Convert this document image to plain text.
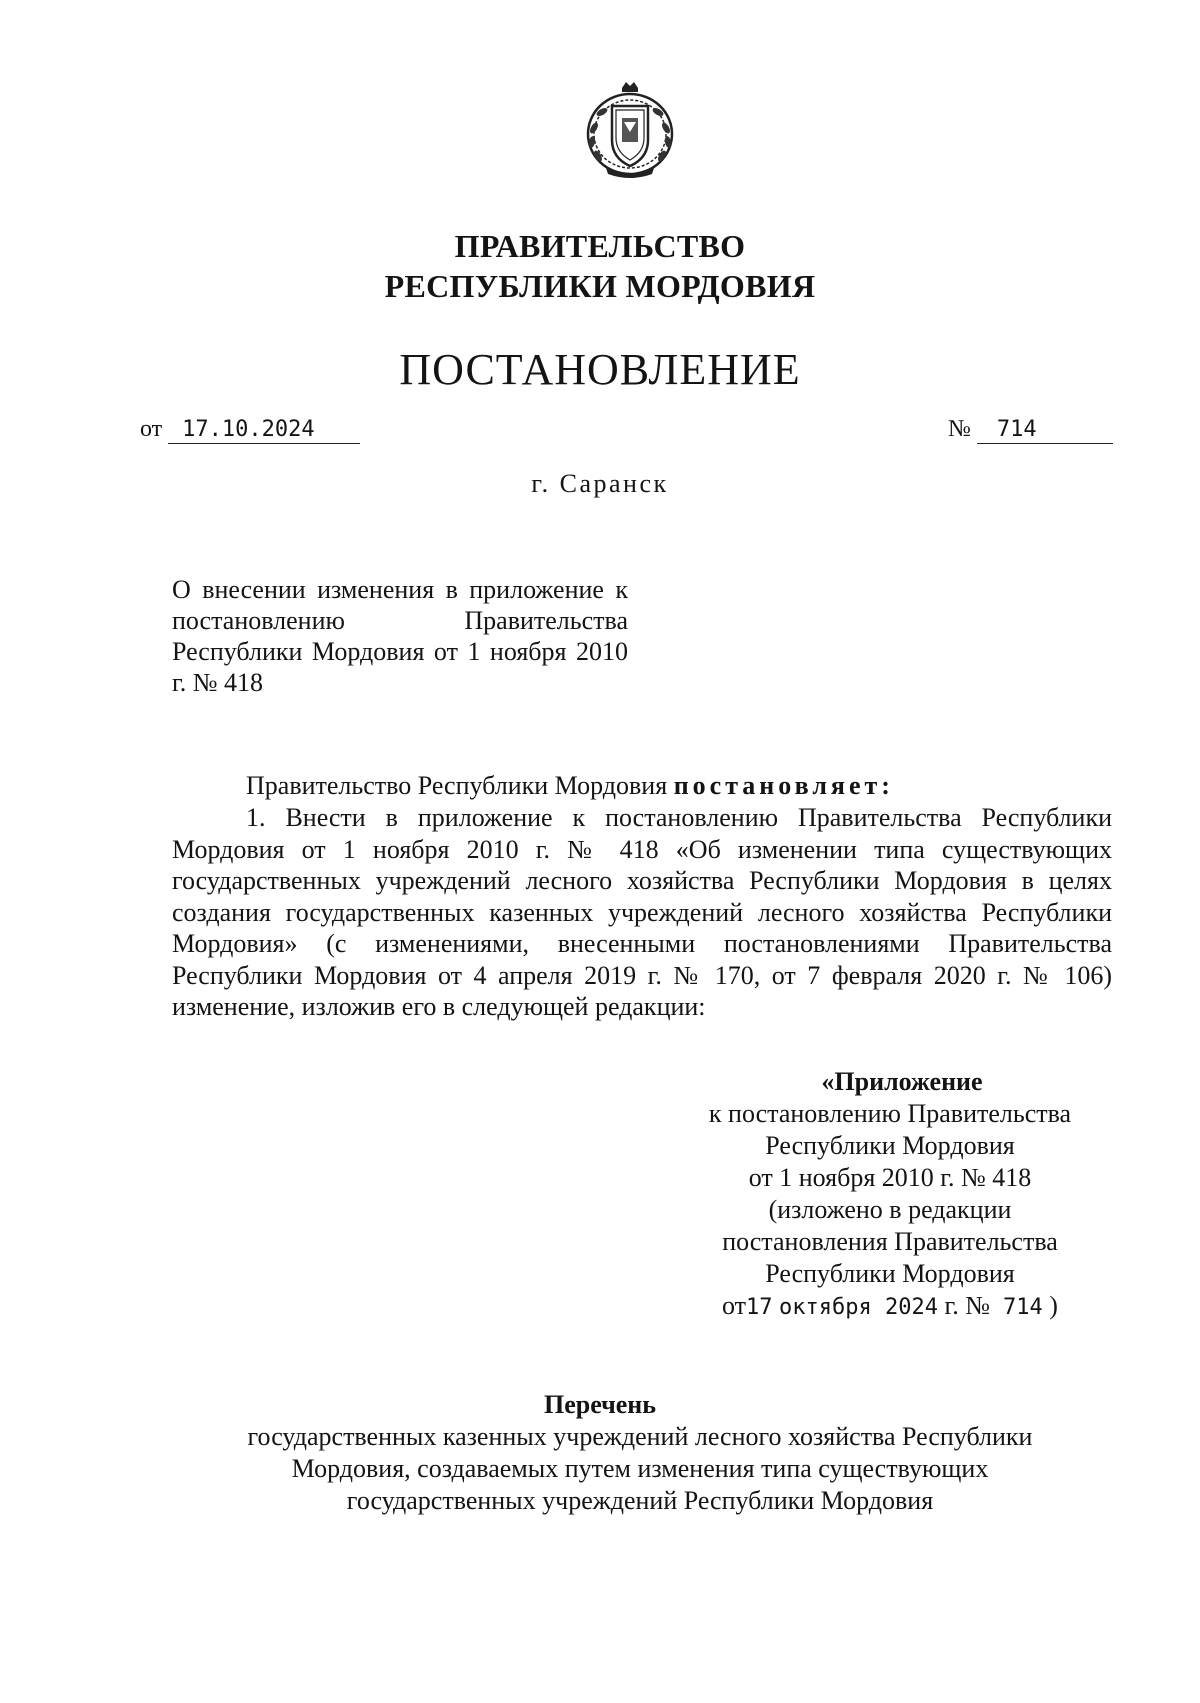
ПРАВИТЕЛЬСТВО
РЕСПУБЛИКИ МОРДОВИЯ
ПОСТАНОВЛЕНИЕ
от 17.10.2024	№ 714
г. Саранск
О внесении изменения в приложение к постановлению Правительства Республики Мордовия от 1 ноября 2010 г. № 418
Правительство Республики Мордовия постановляет:
1. Внести в приложение к постановлению Правительства Республики Мордовия от 1 ноября 2010 г. № 418 «Об изменении типа существующих государственных учреждений лесного хозяйства Республики Мордовия в целях создания государственных казенных учреждений лесного хозяйства Республики Мордовия» (с изменениями, внесенными постановлениями Правительства Республики Мордовия от 4 апреля 2019 г. № 170, от 7 февраля 2020 г. № 106) изменение, изложив его в следующей редакции:
«Приложение
к постановлению Правительства
Республики Мордовия
от 1 ноября 2010 г. № 418
(изложено в редакции
постановления Правительства
Республики Мордовия
от17 октября 2024 г. № 714 )
Перечень
государственных казенных учреждений лесного хозяйства Республики Мордовия, создаваемых путем изменения типа существующих государственных учреждений Республики Мордовия
